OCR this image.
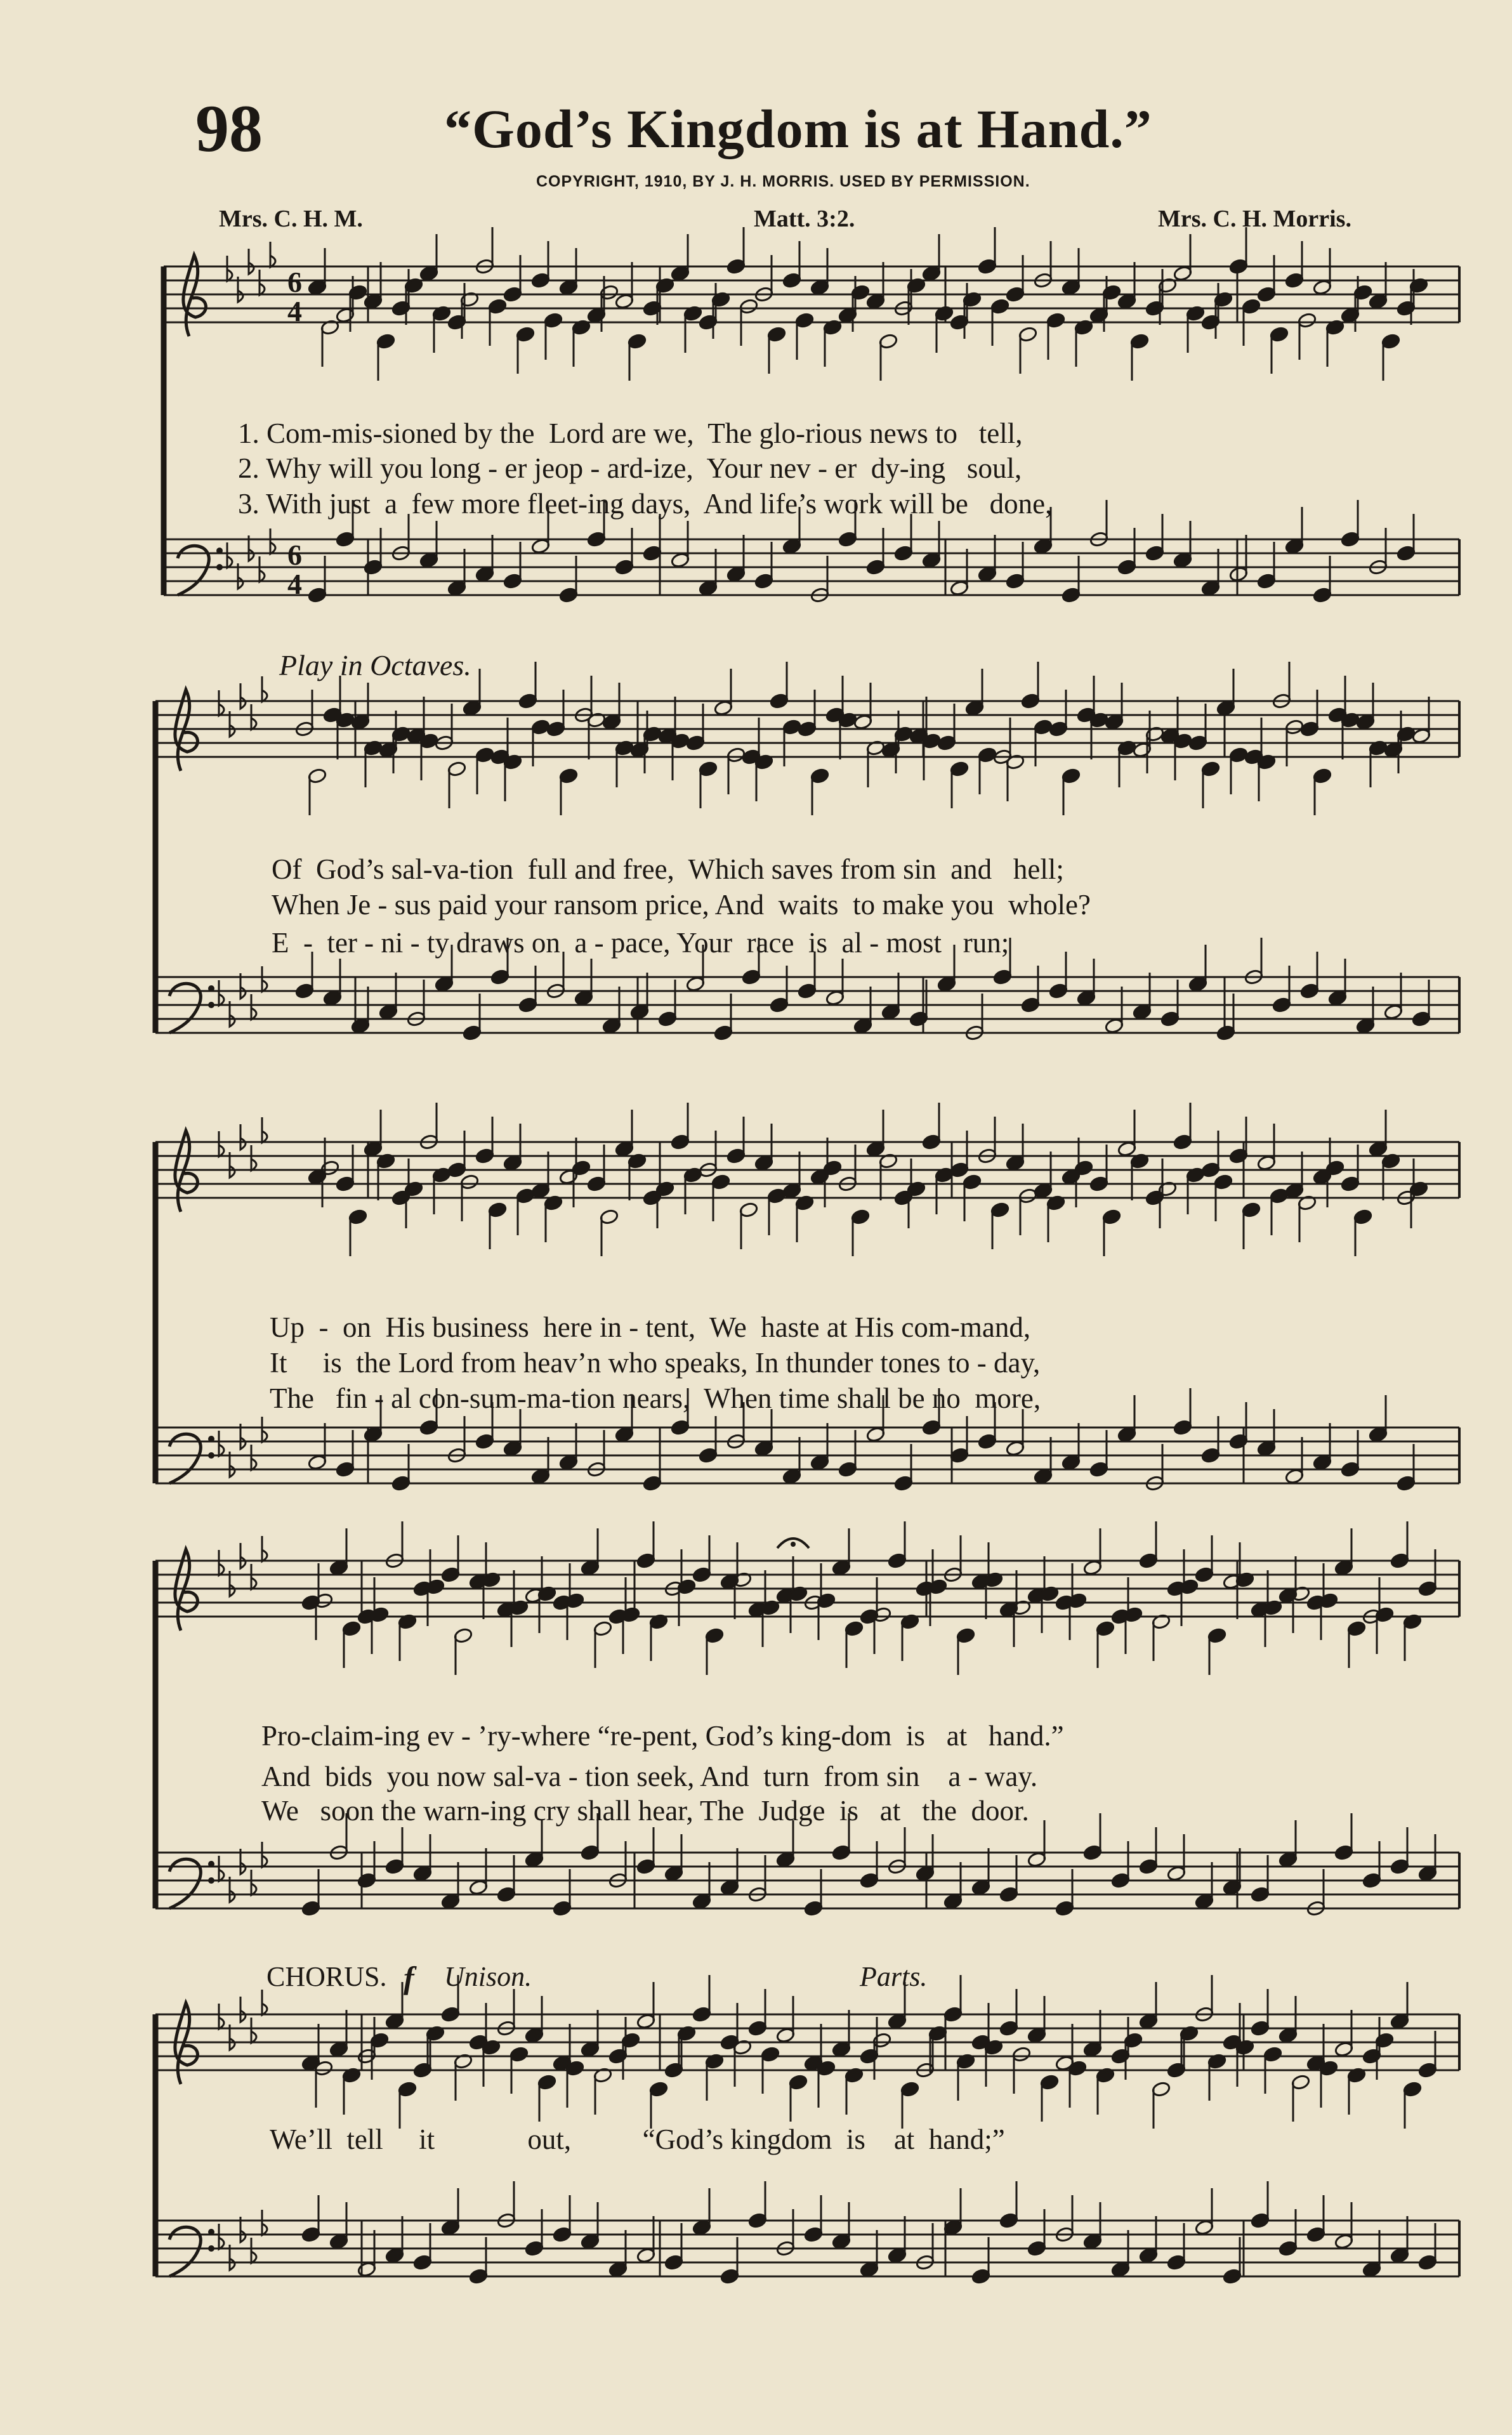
98	“God’s Kingdom is at Hand.”
COPYRIGHT, 1910, BY J. H. MORRIS. USED BY PERMISSION.
Mrs. C. H. M.	Matt. 3:2.	Mrs. C. H. Morris.
6
4
6
4
Play in Octaves.
CHORUS. f Unison.	Parts.
1. Com-mis-sioned by the  Lord are we,  The glo-rious news to   tell,
2. Why will you long - er jeop - ard-ize,  Your nev - er  dy-ing   soul,
3. With just  a  few more fleet-ing days,  And life’s work will be   done,
Of  God’s sal-va-tion  full and free,  Which saves from sin  and   hell;
When Je - sus paid your ransom price, And  waits  to make you  whole?
E  -  ter - ni - ty draws on  a - pace, Your  race  is  al - most   run;
Up  -  on  His business  here in - tent,  We  haste at His com-mand,
It     is  the Lord from heav’n who speaks, In thunder tones to - day,
The   fin - al con-sum-ma-tion nears,  When time shall be no  more,
Pro-claim-ing ev - ’ry-where “re-pent, God’s king-dom  is   at   hand.”
And  bids  you now sal-va - tion seek, And  turn  from sin    a - way.
We   soon the warn-ing cry shall hear, The  Judge  is   at   the  door.
We’ll  tell     it             out,          “God’s kingdom  is    at  hand;”
